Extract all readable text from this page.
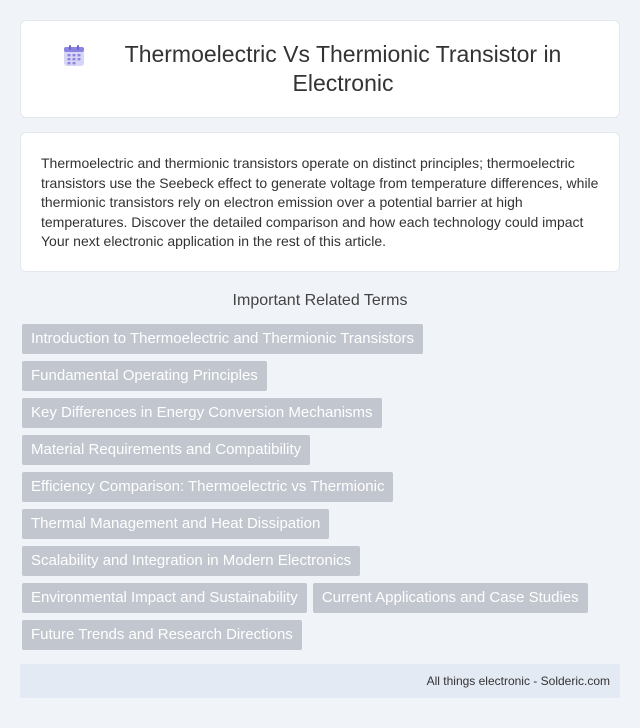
Thermoelectric Vs Thermionic Transistor in Electronic

Thermoelectric and thermionic transistors operate on distinct principles; thermoelectric transistors use the Seebeck effect to generate voltage from temperature differences, while thermionic transistors rely on electron emission over a potential barrier at high temperatures. Discover the detailed comparison and how each technology could impact Your next electronic application in the rest of this article.

Important Related Terms
Introduction to Thermoelectric and Thermionic Transistors
Fundamental Operating Principles
Key Differences in Energy Conversion Mechanisms
Material Requirements and Compatibility
Efficiency Comparison: Thermoelectric vs Thermionic
Thermal Management and Heat Dissipation
Scalability and Integration in Modern Electronics
Environmental Impact and Sustainability	Current Applications and Case Studies
Future Trends and Research Directions
All things electronic - Solderic.com
